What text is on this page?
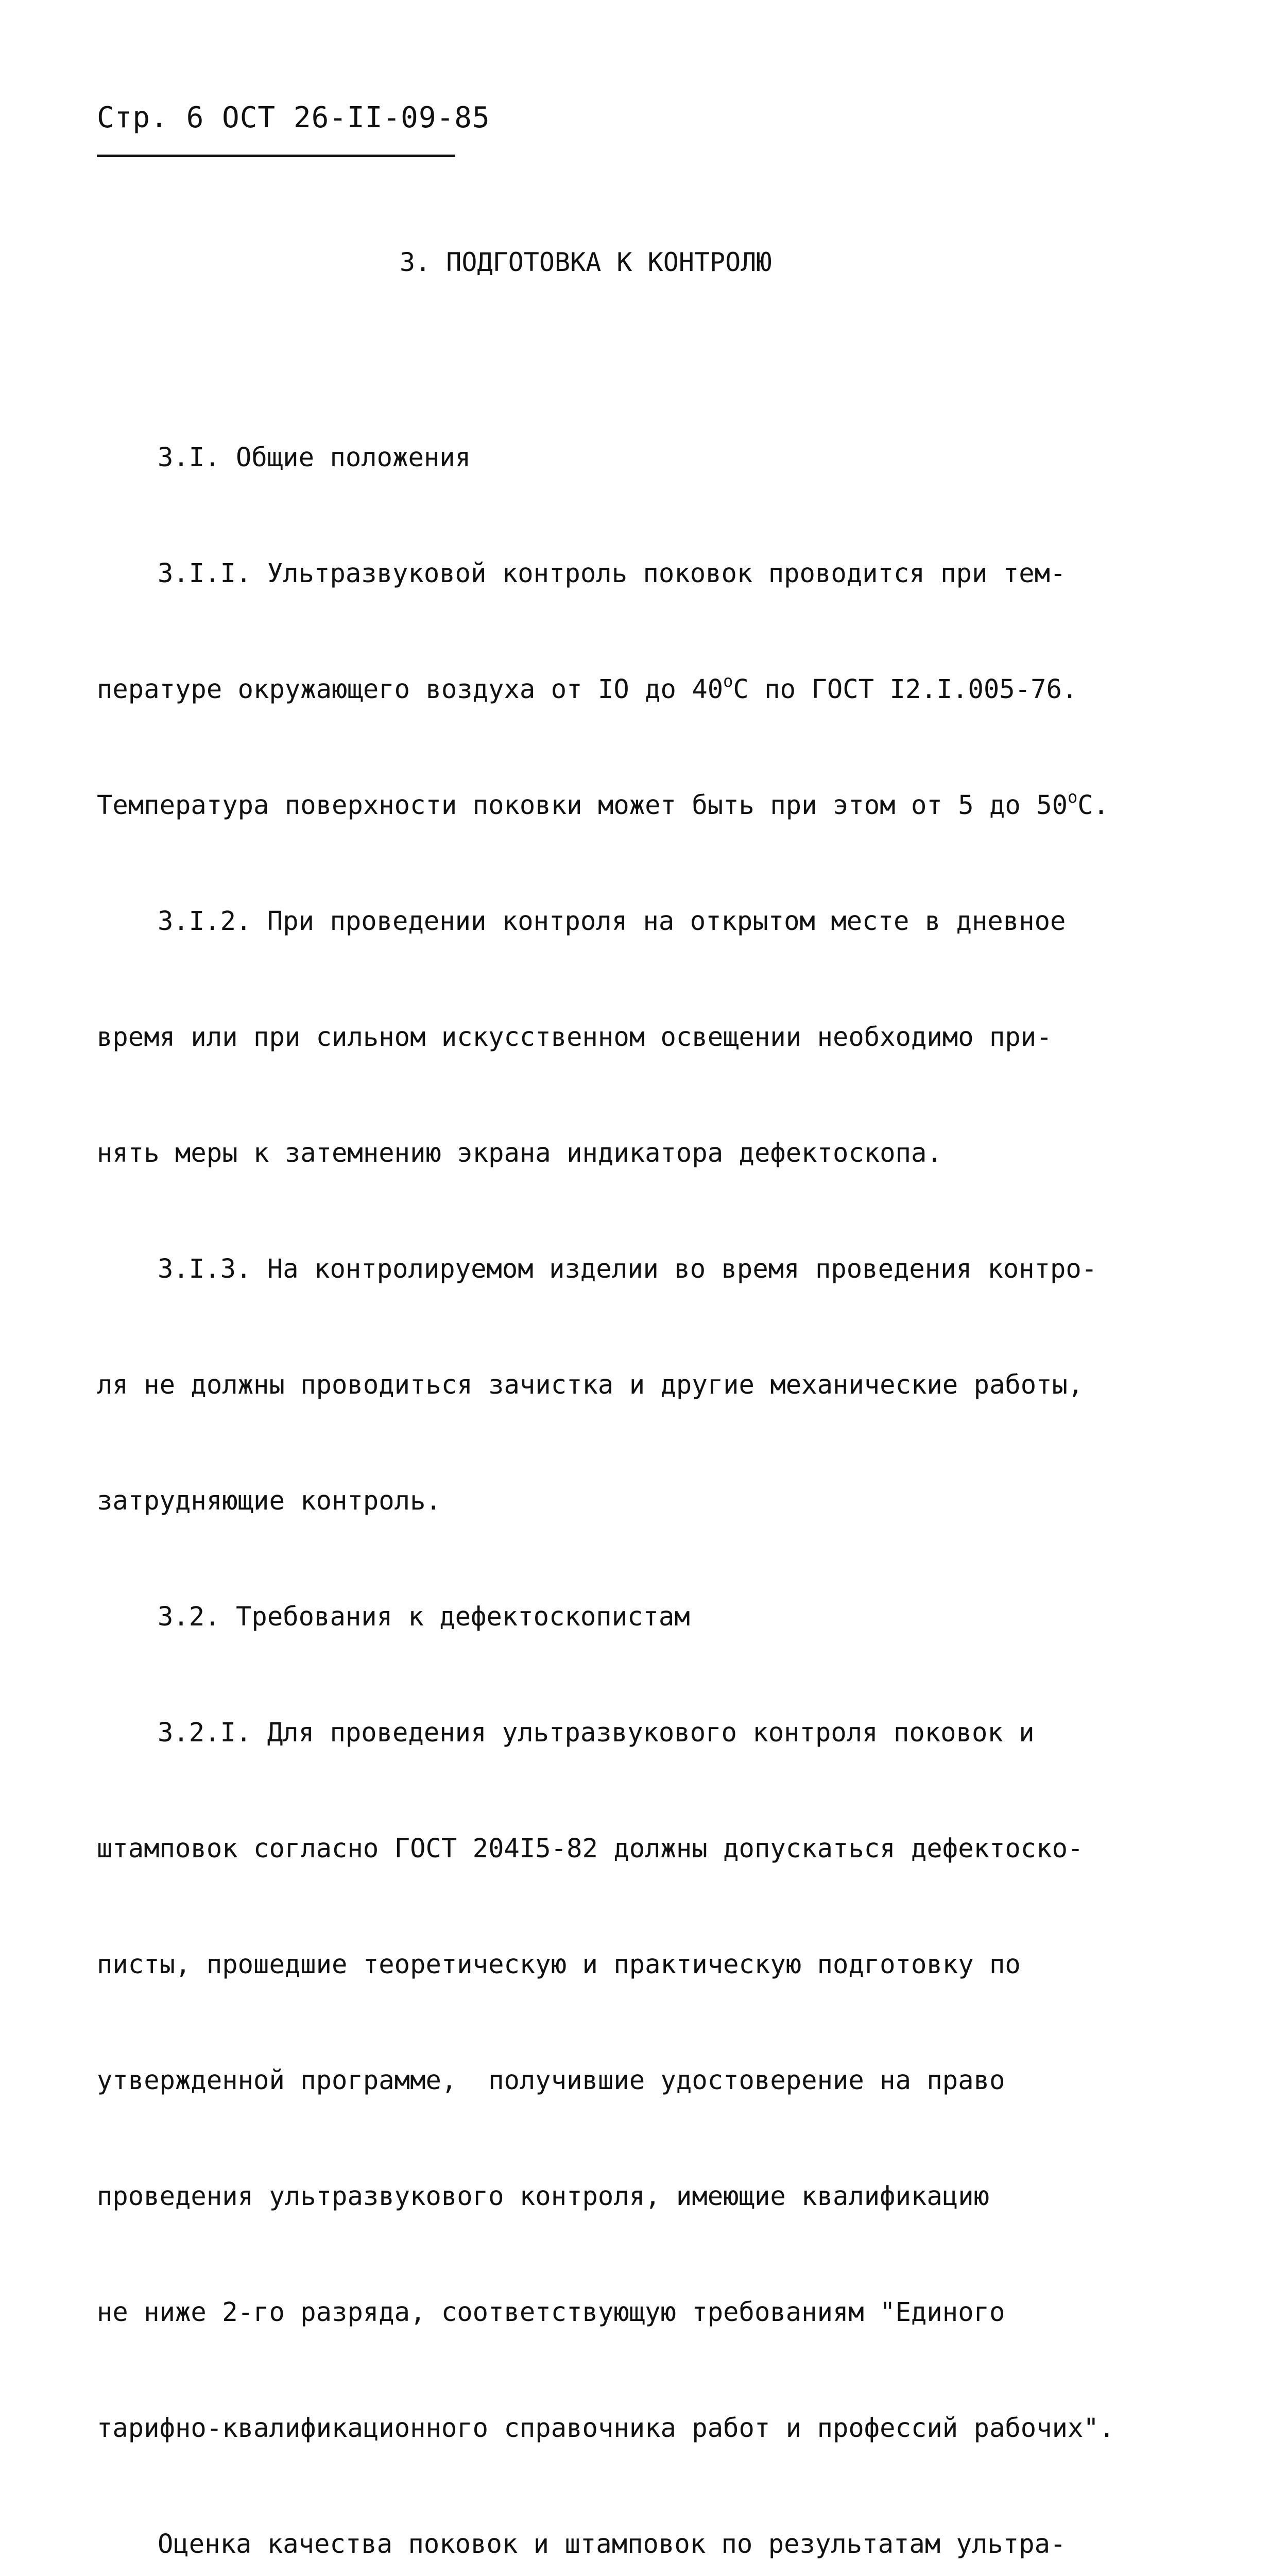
Стр. 6 ОСТ 26-II-09-85
3. ПОДГОТОВКА К КОНТРОЛЮ

3.I. Общие положения

3.I.I. Ультразвуковой контроль поковок проводится при тем-

пературе окружающего воздуха от IO до $40^оС$ по ГОСТ I2.I.005-76.

Температура поверхности поковки может быть при этом от 5 до $50^оС$.

3.I.2. При проведении контроля на открытом месте в дневное

время или при сильном искусственном освещении необходимо при-

нять меры к затемнению экрана индикатора дефектоскопа.

3.I.3. На контролируемом изделии во время проведения контро-

ля не должны проводиться зачистка и другие механические работы,

затрудняющие контроль.

3.2. Требования к дефектоскопистам

3.2.I. Для проведения ультразвукового контроля поковок и

штамповок согласно ГОСТ 204I5-82 должны допускаться дефектоско-

писты, прошедшие теоретическую и практическую подготовку по

утвержденной программе,  получившие удостоверение на право

проведения ультразвукового контроля, имеющие квалификацию

не ниже 2-го разряда, соответствующую требованиям "Единого

тарифно-квалификационного справочника работ и профессий рабочих".

Оценка качества поковок и штамповок по результатам ультра-
